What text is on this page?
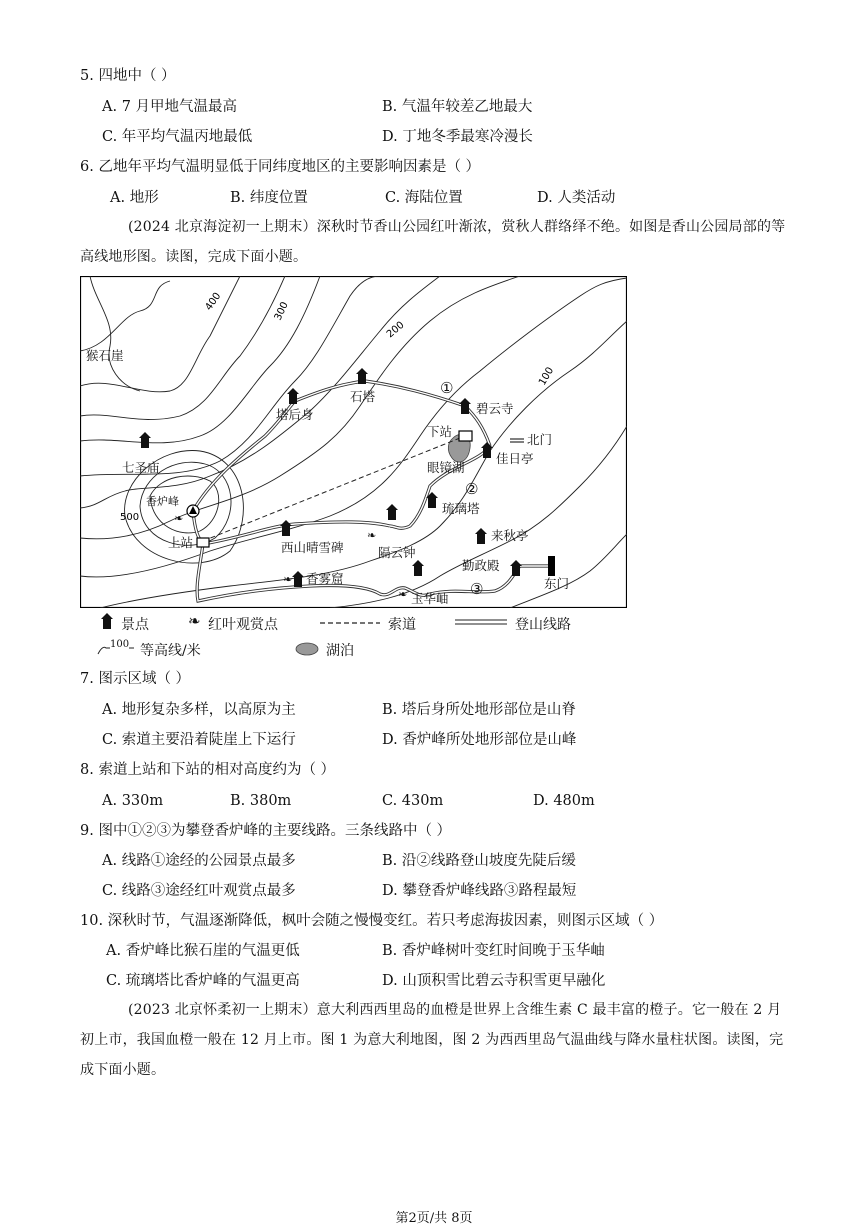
5. 四地中（ ）
A. 7 月甲地气温最高	B. 气温年较差乙地最大
C. 年平均气温丙地最低	D. 丁地冬季最寒冷漫长
6. 乙地年平均气温明显低于同纬度地区的主要影响因素是（ ）
A. 地形	B. 纬度位置	C. 海陆位置	D. 人类活动
(2024 北京海淀初一上期末）深秋时节香山公园红叶渐浓，赏秋人群络绎不绝。如图是香山公园局部的等高线地形图。读图，完成下面小题。
400	300
200
100
500	❧
❧
❧
❧
猴石崖
石塔
碧云寺
塔后身
下站
北门
眼镜湖
佳日亭
七圣庙
香炉峰	琉璃塔
上站	西山晴雪碑	隔云钟
来秋亭
勤政殿
香雾窟
玉华岫
东门
①
②
③
景点	❧ 红叶观赏点	索道	登山线路
100 等高线/米	湖泊
7. 图示区域（ ）
A. 地形复杂多样，以高原为主	B. 塔后身所处地形部位是山脊
C. 索道主要沿着陡崖上下运行	D. 香炉峰所处地形部位是山峰
8. 索道上站和下站的相对高度约为（ ）
A. 330m	B. 380m	C. 430m	D. 480m
9. 图中①②③为攀登香炉峰的主要线路。三条线路中（ ）
A. 线路①途经的公园景点最多	B. 沿②线路登山坡度先陡后缓
C. 线路③途经红叶观赏点最多	D. 攀登香炉峰线路③路程最短
10. 深秋时节，气温逐渐降低，枫叶会随之慢慢变红。若只考虑海拔因素，则图示区域（ ）
A. 香炉峰比猴石崖的气温更低	B. 香炉峰树叶变红时间晚于玉华岫
C. 琉璃塔比香炉峰的气温更高	D. 山顶积雪比碧云寺积雪更早融化
(2023 北京怀柔初一上期末）意大利西西里岛的血橙是世界上含维生素 C 最丰富的橙子。它一般在 2 月初上市，我国血橙一般在 12 月上市。图 1 为意大利地图，图 2 为西西里岛气温曲线与降水量柱状图。读图，完成下面小题。
第2页/共 8页
